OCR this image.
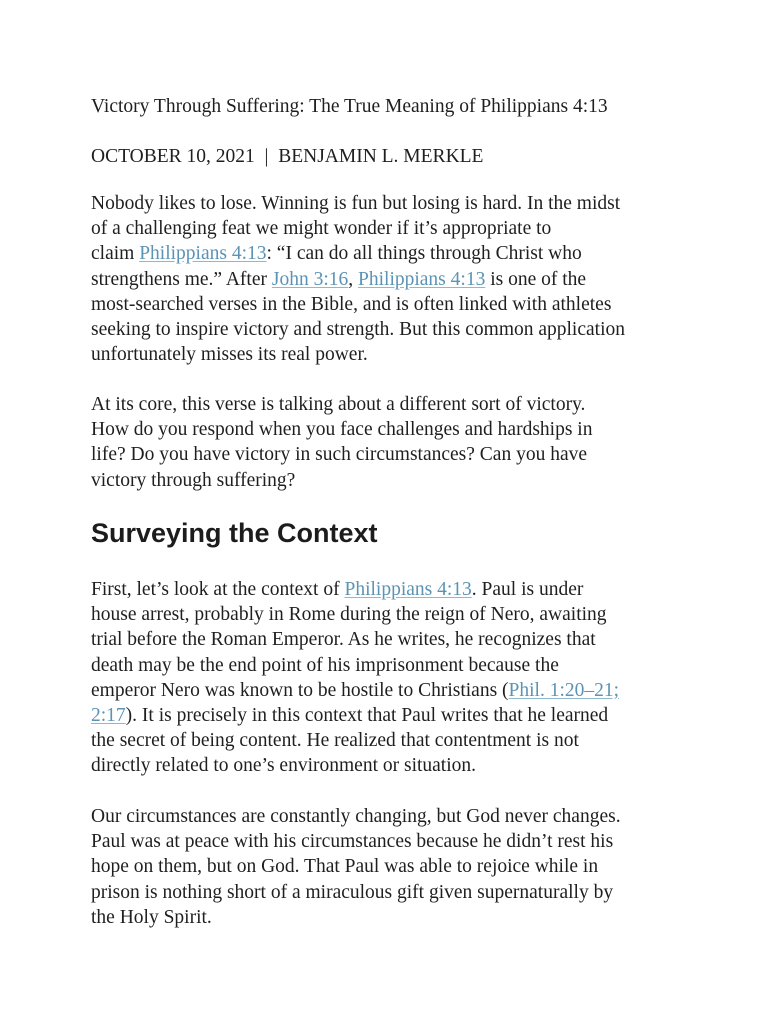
Victory Through Suffering: The True Meaning of Philippians 4:13
OCTOBER 10, 2021 | BENJAMIN L. MERKLE
Nobody likes to lose. Winning is fun but losing is hard. In the midst
of a challenging feat we might wonder if it’s appropriate to
claim Philippians 4:13: “I can do all things through Christ who
strengthens me.” After John 3:16, Philippians 4:13 is one of the
most-searched verses in the Bible, and is often linked with athletes
seeking to inspire victory and strength. But this common application
unfortunately misses its real power.
At its core, this verse is talking about a different sort of victory.
How do you respond when you face challenges and hardships in
life? Do you have victory in such circumstances? Can you have
victory through suffering?
Surveying the Context
First, let’s look at the context of Philippians 4:13. Paul is under
house arrest, probably in Rome during the reign of Nero, awaiting
trial before the Roman Emperor. As he writes, he recognizes that
death may be the end point of his imprisonment because the
emperor Nero was known to be hostile to Christians (Phil. 1:20–21;
2:17). It is precisely in this context that Paul writes that he learned
the secret of being content. He realized that contentment is not
directly related to one’s environment or situation.
Our circumstances are constantly changing, but God never changes.
Paul was at peace with his circumstances because he didn’t rest his
hope on them, but on God. That Paul was able to rejoice while in
prison is nothing short of a miraculous gift given supernaturally by
the Holy Spirit.
